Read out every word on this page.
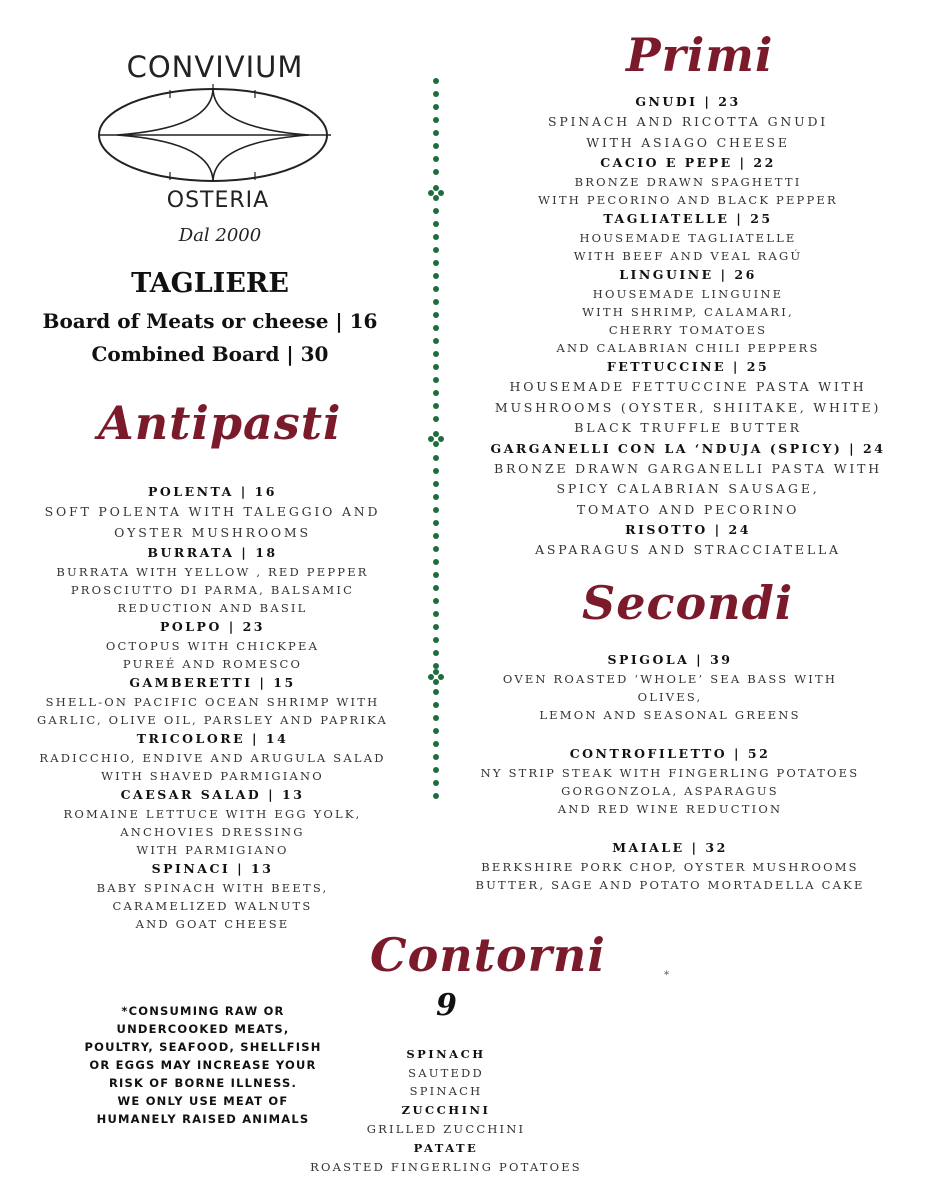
CONVIVIUM
OSTERIA
Dal 2000
TAGLIERE
Board of Meats or cheese | 16
Combined Board | 30
Antipasti
POLENTA | 16
SOFT POLENTA WITH TALEGGIO AND
OYSTER MUSHROOMS
BURRATA | 18
BURRATA WITH YELLOW , RED PEPPER
PROSCIUTTO DI PARMA, BALSAMIC
REDUCTION AND BASIL
POLPO | 23
OCTOPUS WITH CHICKPEA
PUREÉ AND ROMESCO
GAMBERETTI | 15
SHELL-ON PACIFIC OCEAN SHRIMP WITH
GARLIC, OLIVE OIL, PARSLEY AND PAPRIKA
TRICOLORE | 14
RADICCHIO, ENDIVE AND ARUGULA SALAD
WITH SHAVED PARMIGIANO
CAESAR SALAD | 13
ROMAINE LETTUCE WITH EGG YOLK,
ANCHOVIES DRESSING
WITH PARMIGIANO
SPINACI | 13
BABY SPINACH WITH BEETS,
CARAMELIZED WALNUTS
AND GOAT CHEESE
Primi
GNUDI | 23
SPINACH AND RICOTTA GNUDI
WITH ASIAGO CHEESE
CACIO E PEPE | 22
BRONZE DRAWN SPAGHETTI
WITH PECORINO AND BLACK PEPPER
TAGLIATELLE | 25
HOUSEMADE TAGLIATELLE
WITH BEEF AND VEAL RAGÚ
LINGUINE | 26
HOUSEMADE LINGUINE
WITH SHRIMP, CALAMARI,
CHERRY TOMATOES
AND CALABRIAN CHILI PEPPERS
FETTUCCINE | 25
HOUSEMADE FETTUCCINE PASTA WITH
MUSHROOMS (OYSTER, SHIITAKE, WHITE)
BLACK TRUFFLE BUTTER
GARGANELLI CON LA ‘NDUJA (SPICY) | 24
BRONZE DRAWN GARGANELLI PASTA WITH
SPICY CALABRIAN SAUSAGE,
TOMATO AND PECORINO
RISOTTO | 24
ASPARAGUS AND STRACCIATELLA
Secondi
SPIGOLA | 39
OVEN ROASTED ‘WHOLE’ SEA BASS WITH OLIVES,
LEMON AND SEASONAL GREENS
CONTROFILETTO | 52
NY STRIP STEAK WITH FINGERLING POTATOES
GORGONZOLA, ASPARAGUS
AND RED WINE REDUCTION
MAIALE | 32
BERKSHIRE PORK CHOP, OYSTER MUSHROOMS
BUTTER, SAGE AND POTATO MORTADELLA CAKE
Contorni
9
SPINACH
SAUTEDD
SPINACH
ZUCCHINI
GRILLED ZUCCHINI
PATATE
ROASTED FINGERLING POTATOES
*CONSUMING RAW OR
UNDERCOOKED MEATS,
POULTRY, SEAFOOD, SHELLFISH
OR EGGS MAY INCREASE YOUR
RISK OF BORNE ILLNESS.
WE ONLY USE MEAT OF
HUMANELY RAISED ANIMALS
*
